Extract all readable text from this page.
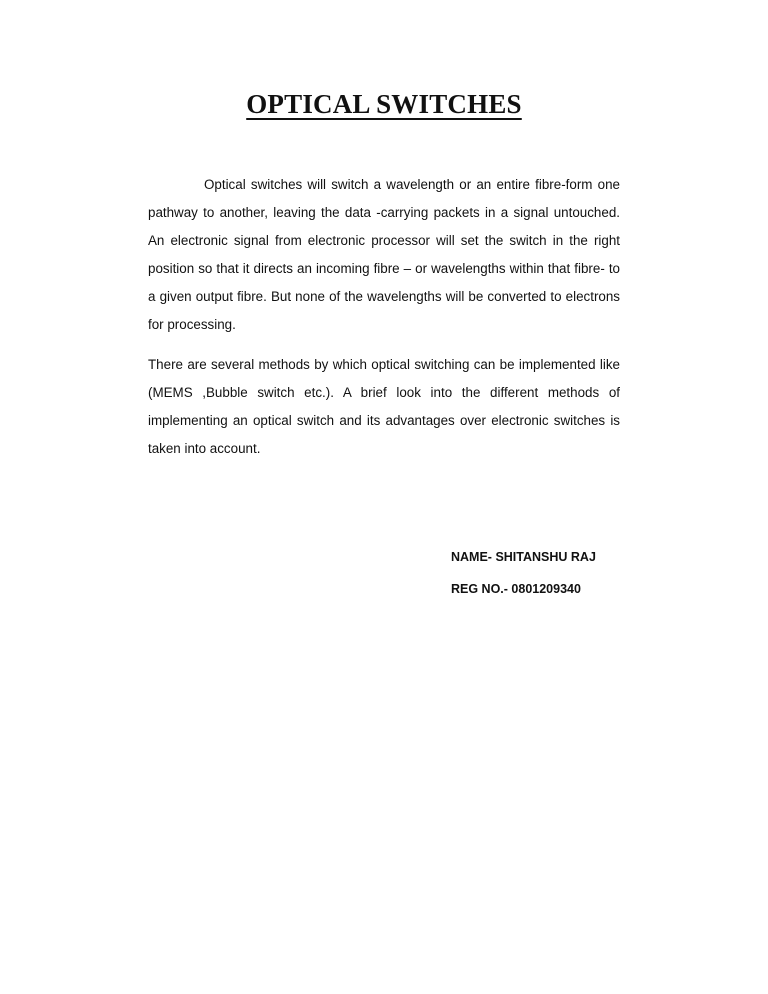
OPTICAL SWITCHES

Optical switches will switch a wavelength or an entire fibre-form one pathway to another, leaving the data -carrying packets in a signal untouched. An electronic signal from electronic processor will set the switch in the right position so that it directs an incoming fibre – or wavelengths within that fibre- to a given output fibre. But none of the wavelengths will be converted to electrons for processing.

There are several methods by which optical switching can be implemented like (MEMS ,Bubble switch etc.). A brief look into the different methods of implementing an optical switch and its advantages over electronic switches is taken into account.

NAME- SHITANSHU RAJ
REG NO.- 0801209340
